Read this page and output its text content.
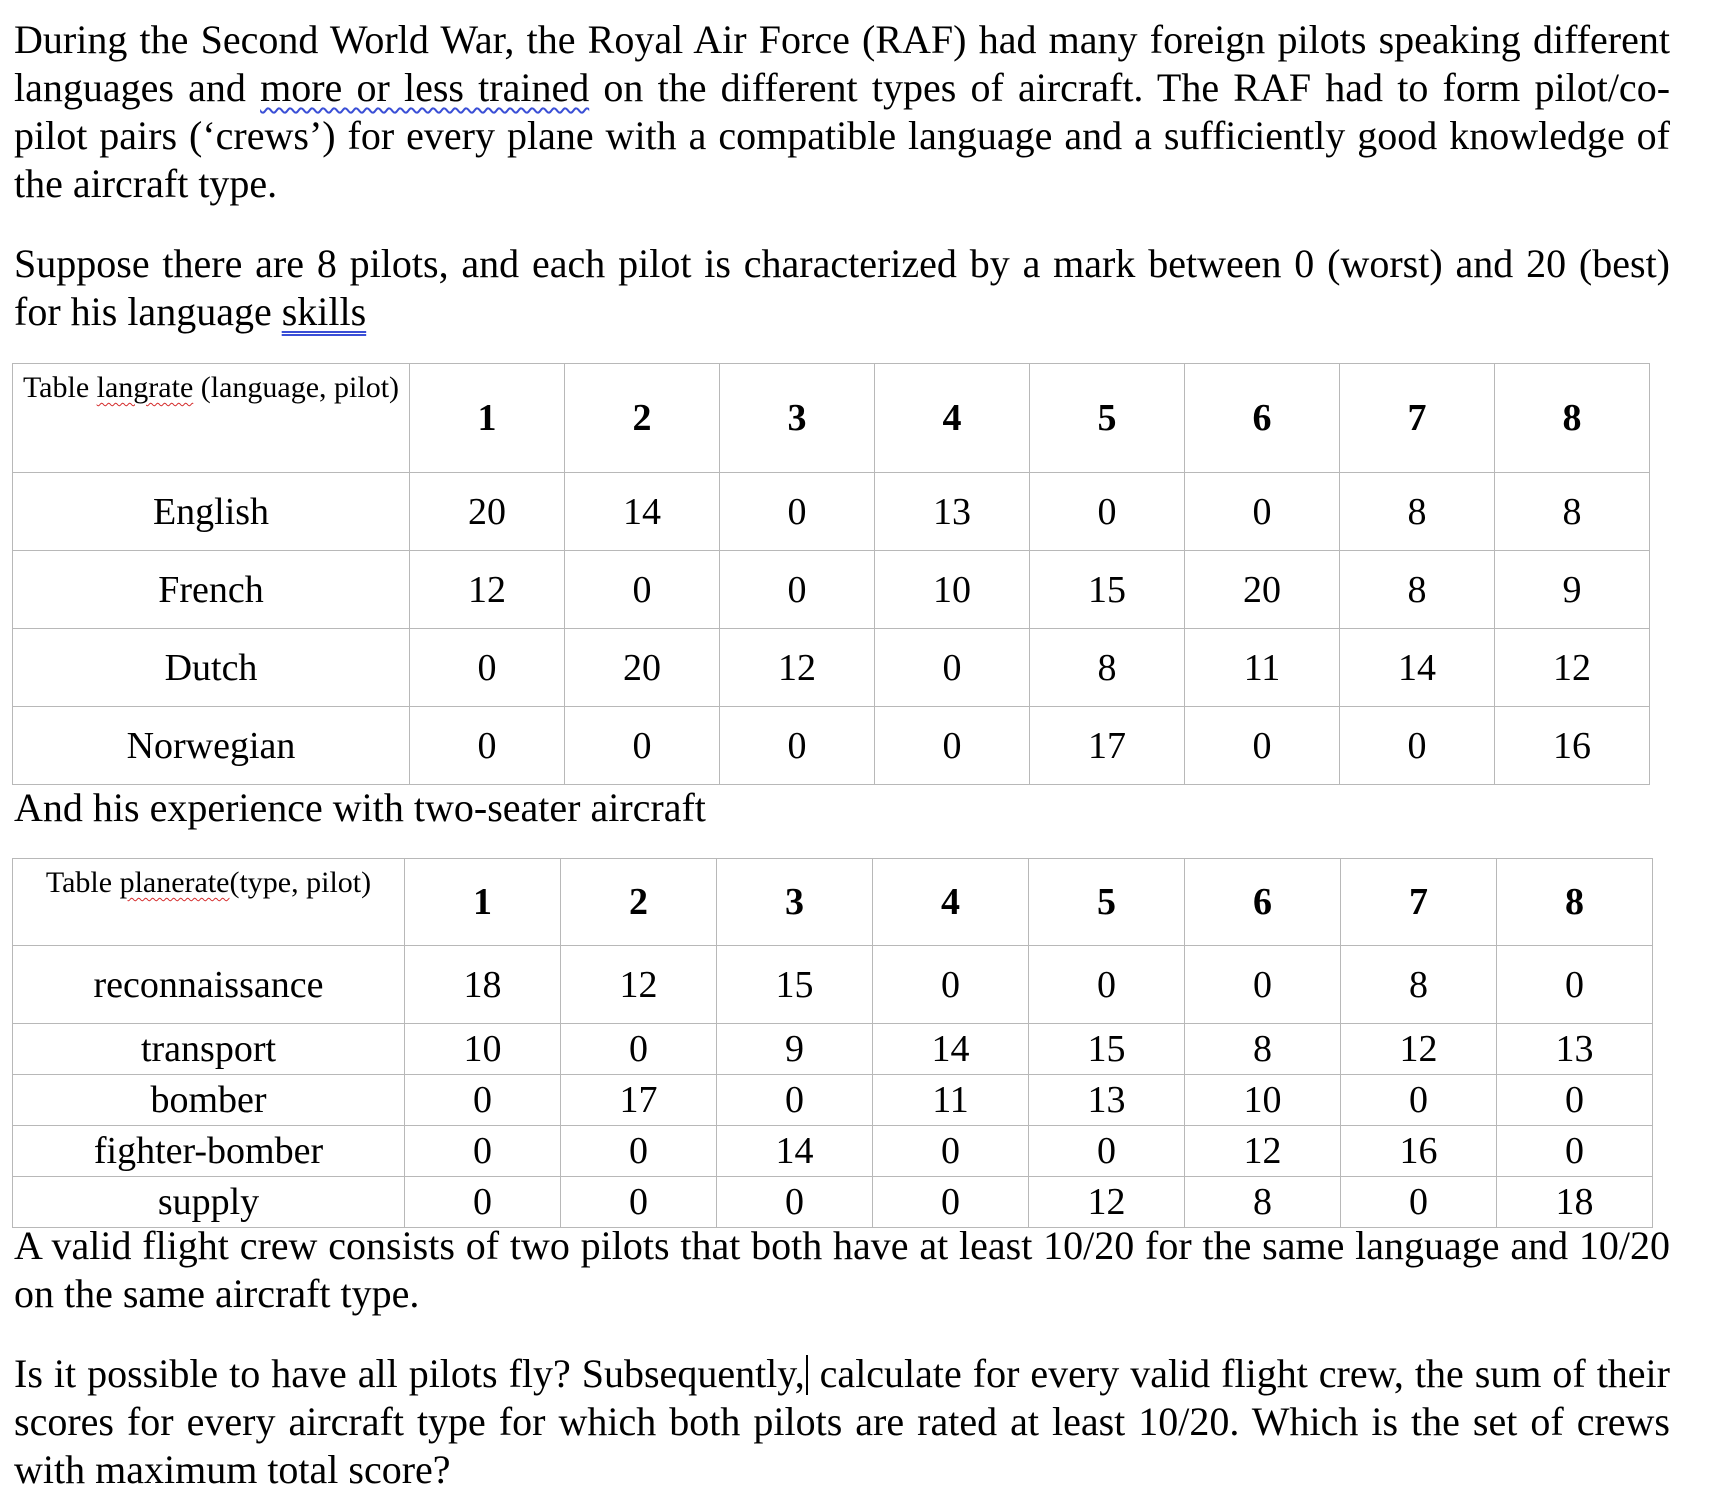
During the Second World War, the Royal Air Force (RAF) had many foreign pilots speaking different languages and more or less trained on the different types of aircraft. The RAF had to form pilot/co-pilot pairs (‘crews’) for every plane with a compatible language and a sufficiently good knowledge of the aircraft type.

Suppose there are 8 pilots, and each pilot is characterized by a mark between 0 (worst) and 20 (best) for his language skills

Table langrate (language, pilot)	1	2	3	4	5	6	7	8
English	20	14	0	13	0	0	8	8
French	12	0	0	10	15	20	8	9
Dutch	0	20	12	0	8	11	14	12
Norwegian	0	0	0	0	17	0	0	16

And his experience with two-seater aircraft

Table planerate(type, pilot)	1	2	3	4	5	6	7	8
reconnaissance	18	12	15	0	0	0	8	0
transport	10	0	9	14	15	8	12	13
bomber	0	17	0	11	13	10	0	0
fighter-bomber	0	0	14	0	0	12	16	0
supply	0	0	0	0	12	8	0	18

A valid flight crew consists of two pilots that both have at least 10/20 for the same language and 10/20 on the same aircraft type.

Is it possible to have all pilots fly? Subsequently, calculate for every valid flight crew, the sum of their scores for every aircraft type for which both pilots are rated at least 10/20. Which is the set of crews with maximum total score?
